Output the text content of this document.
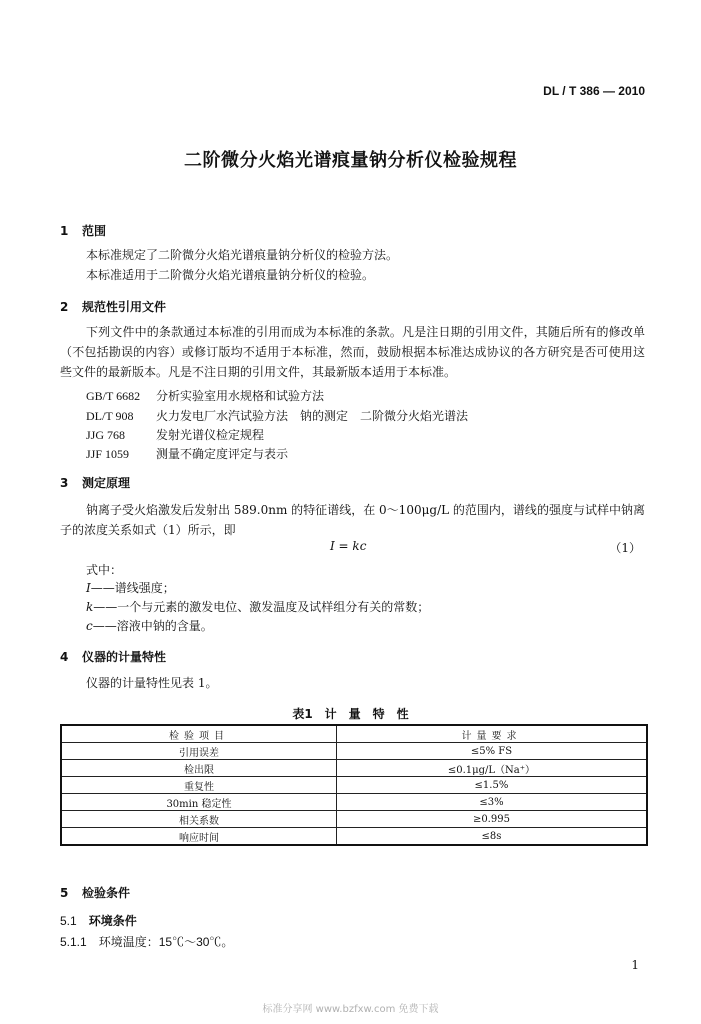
DL / T 386 — 2010
二阶微分火焰光谱痕量钠分析仪检验规程
1 范围
本标准规定了二阶微分火焰光谱痕量钠分析仪的检验方法。
本标准适用于二阶微分火焰光谱痕量钠分析仪的检验。
2 规范性引用文件
下列文件中的条款通过本标准的引用而成为本标准的条款。凡是注日期的引用文件，其随后所有的修改单（不包括勘误的内容）或修订版均不适用于本标准，然而，鼓励根据本标准达成协议的各方研究是否可使用这些文件的最新版本。凡是不注日期的引用文件，其最新版本适用于本标准。
GB/T 6682　 分析实验室用水规格和试验方法
DL/T 908　 火力发电厂水汽试验方法　钠的测定　二阶微分火焰光谱法
JJG 768　	发射光谱仪检定规程
JJF 1059　 测量不确定度评定与表示
3 测定原理
钠离子受火焰激发后发射出 589.0nm 的特征谱线，在 0～100μg/L 的范围内，谱线的强度与试样中钠离子的浓度关系如式（1）所示，即
I = kc	（1）
式中：
I——谱线强度；
k——一个与元素的激发电位、激发温度及试样组分有关的常数；
c——溶液中钠的含量。
4 仪器的计量特性
仪器的计量特性见表 1。
表1　计　量　特　性
检验项目	计量要求
引用误差	≤5% FS
检出限	≤0.1μg/L（Na⁺）
重复性	≤1.5%
30min 稳定性	≤3%
相关系数	≥0.995
响应时间	≤8s
5 检验条件
5.1　 环境条件
5.1.1　 环境温度：15℃～30℃。
1
标准分享网 www.bzfxw.com 免费下载
